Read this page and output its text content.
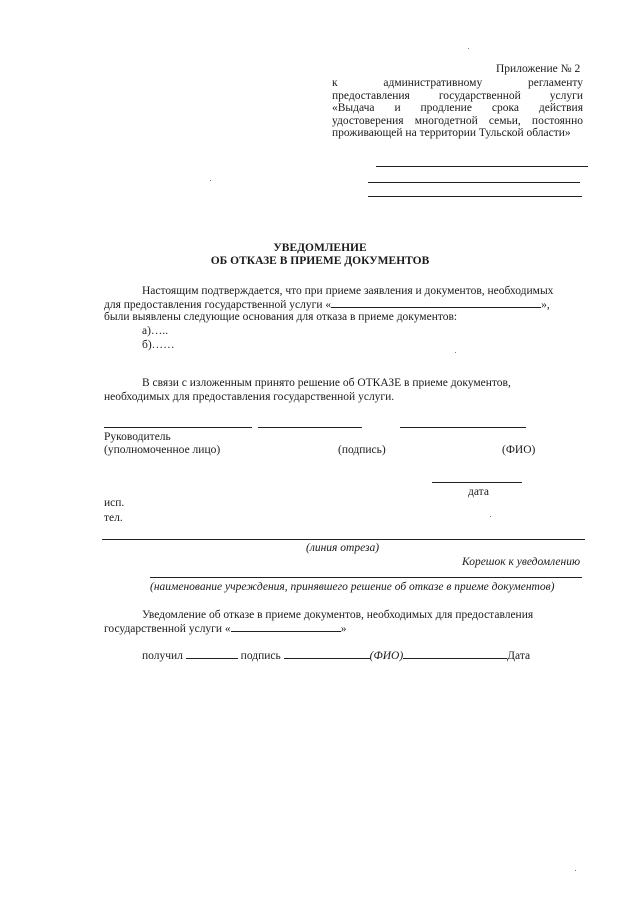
Приложение № 2
к	административному	регламенту
предоставления	государственной	услуги
«Выдача и продление срока действия
удостоверения многодетной семьи, постоянно
проживающей на территории Тульской области»
УВЕДОМЛЕНИЕ
ОБ ОТКАЗЕ В ПРИЕМЕ ДОКУМЕНТОВ
Настоящим подтверждается, что при приеме заявления и документов, необходимых
для предоставления государственной услуги «	»,
были выявлены следующие основания для отказа в приеме документов:
а)…..
б)……
В связи с изложенным принято решение об ОТКАЗЕ в приеме документов,
необходимых для предоставления государственной услуги.
Руководитель
(уполномоченное лицо)	(подпись)	(ФИО)
дата
исп.
тел.
(линия отреза)
Корешок к уведомлению
(наименование учреждения, принявшего решение об отказе в приеме документов)
Уведомление об отказе в приеме документов, необходимых для предоставления
государственной услуги «	»
получил	подпись	(ФИО)	Дата
